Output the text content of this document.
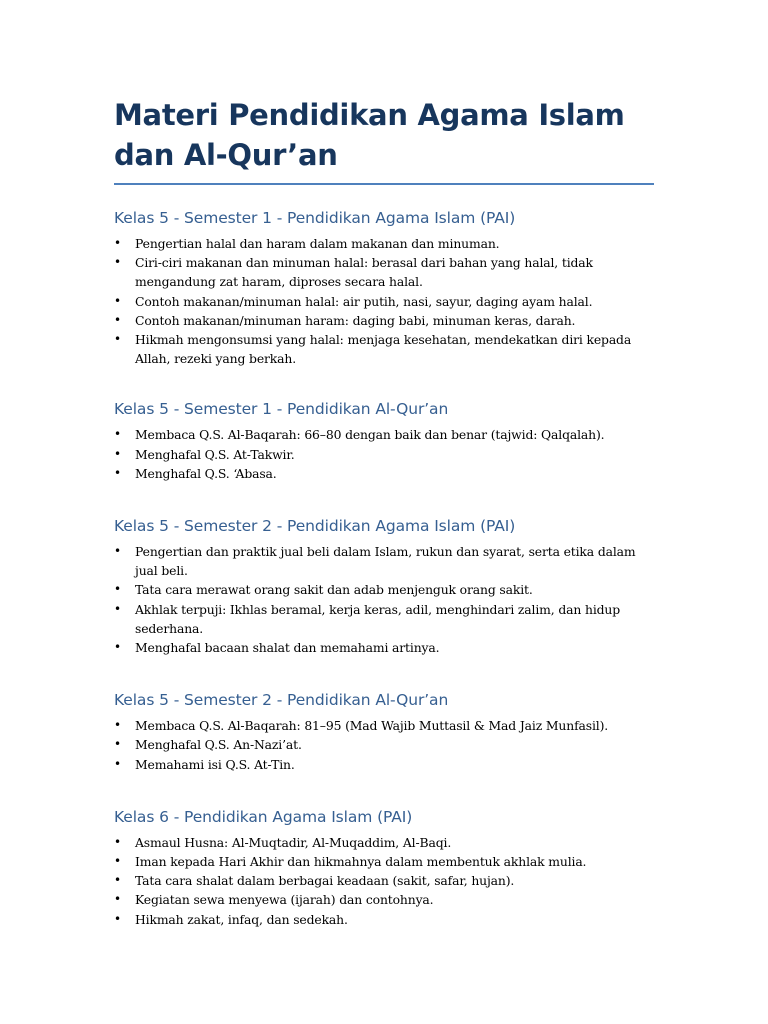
Materi Pendidikan Agama Islam dan Al-Qur’an
Kelas 5 - Semester 1 - Pendidikan Agama Islam (PAI)
• Pengertian halal dan haram dalam makanan dan minuman.
• Ciri-ciri makanan dan minuman halal: berasal dari bahan yang halal, tidak mengandung zat haram, diproses secara halal.
• Contoh makanan/minuman halal: air putih, nasi, sayur, daging ayam halal.
• Contoh makanan/minuman haram: daging babi, minuman keras, darah.
• Hikmah mengonsumsi yang halal: menjaga kesehatan, mendekatkan diri kepada Allah, rezeki yang berkah.
Kelas 5 - Semester 1 - Pendidikan Al-Qur’an
• Membaca Q.S. Al-Baqarah: 66–80 dengan baik dan benar (tajwid: Qalqalah).
• Menghafal Q.S. At-Takwir.
• Menghafal Q.S. ‘Abasa.
Kelas 5 - Semester 2 - Pendidikan Agama Islam (PAI)
• Pengertian dan praktik jual beli dalam Islam, rukun dan syarat, serta etika dalam jual beli.
• Tata cara merawat orang sakit dan adab menjenguk orang sakit.
• Akhlak terpuji: Ikhlas beramal, kerja keras, adil, menghindari zalim, dan hidup sederhana.
• Menghafal bacaan shalat dan memahami artinya.
Kelas 5 - Semester 2 - Pendidikan Al-Qur’an
• Membaca Q.S. Al-Baqarah: 81–95 (Mad Wajib Muttasil & Mad Jaiz Munfasil).
• Menghafal Q.S. An-Nazi’at.
• Memahami isi Q.S. At-Tin.
Kelas 6 - Pendidikan Agama Islam (PAI)
• Asmaul Husna: Al-Muqtadir, Al-Muqaddim, Al-Baqi.
• Iman kepada Hari Akhir dan hikmahnya dalam membentuk akhlak mulia.
• Tata cara shalat dalam berbagai keadaan (sakit, safar, hujan).
• Kegiatan sewa menyewa (ijarah) dan contohnya.
• Hikmah zakat, infaq, dan sedekah.
